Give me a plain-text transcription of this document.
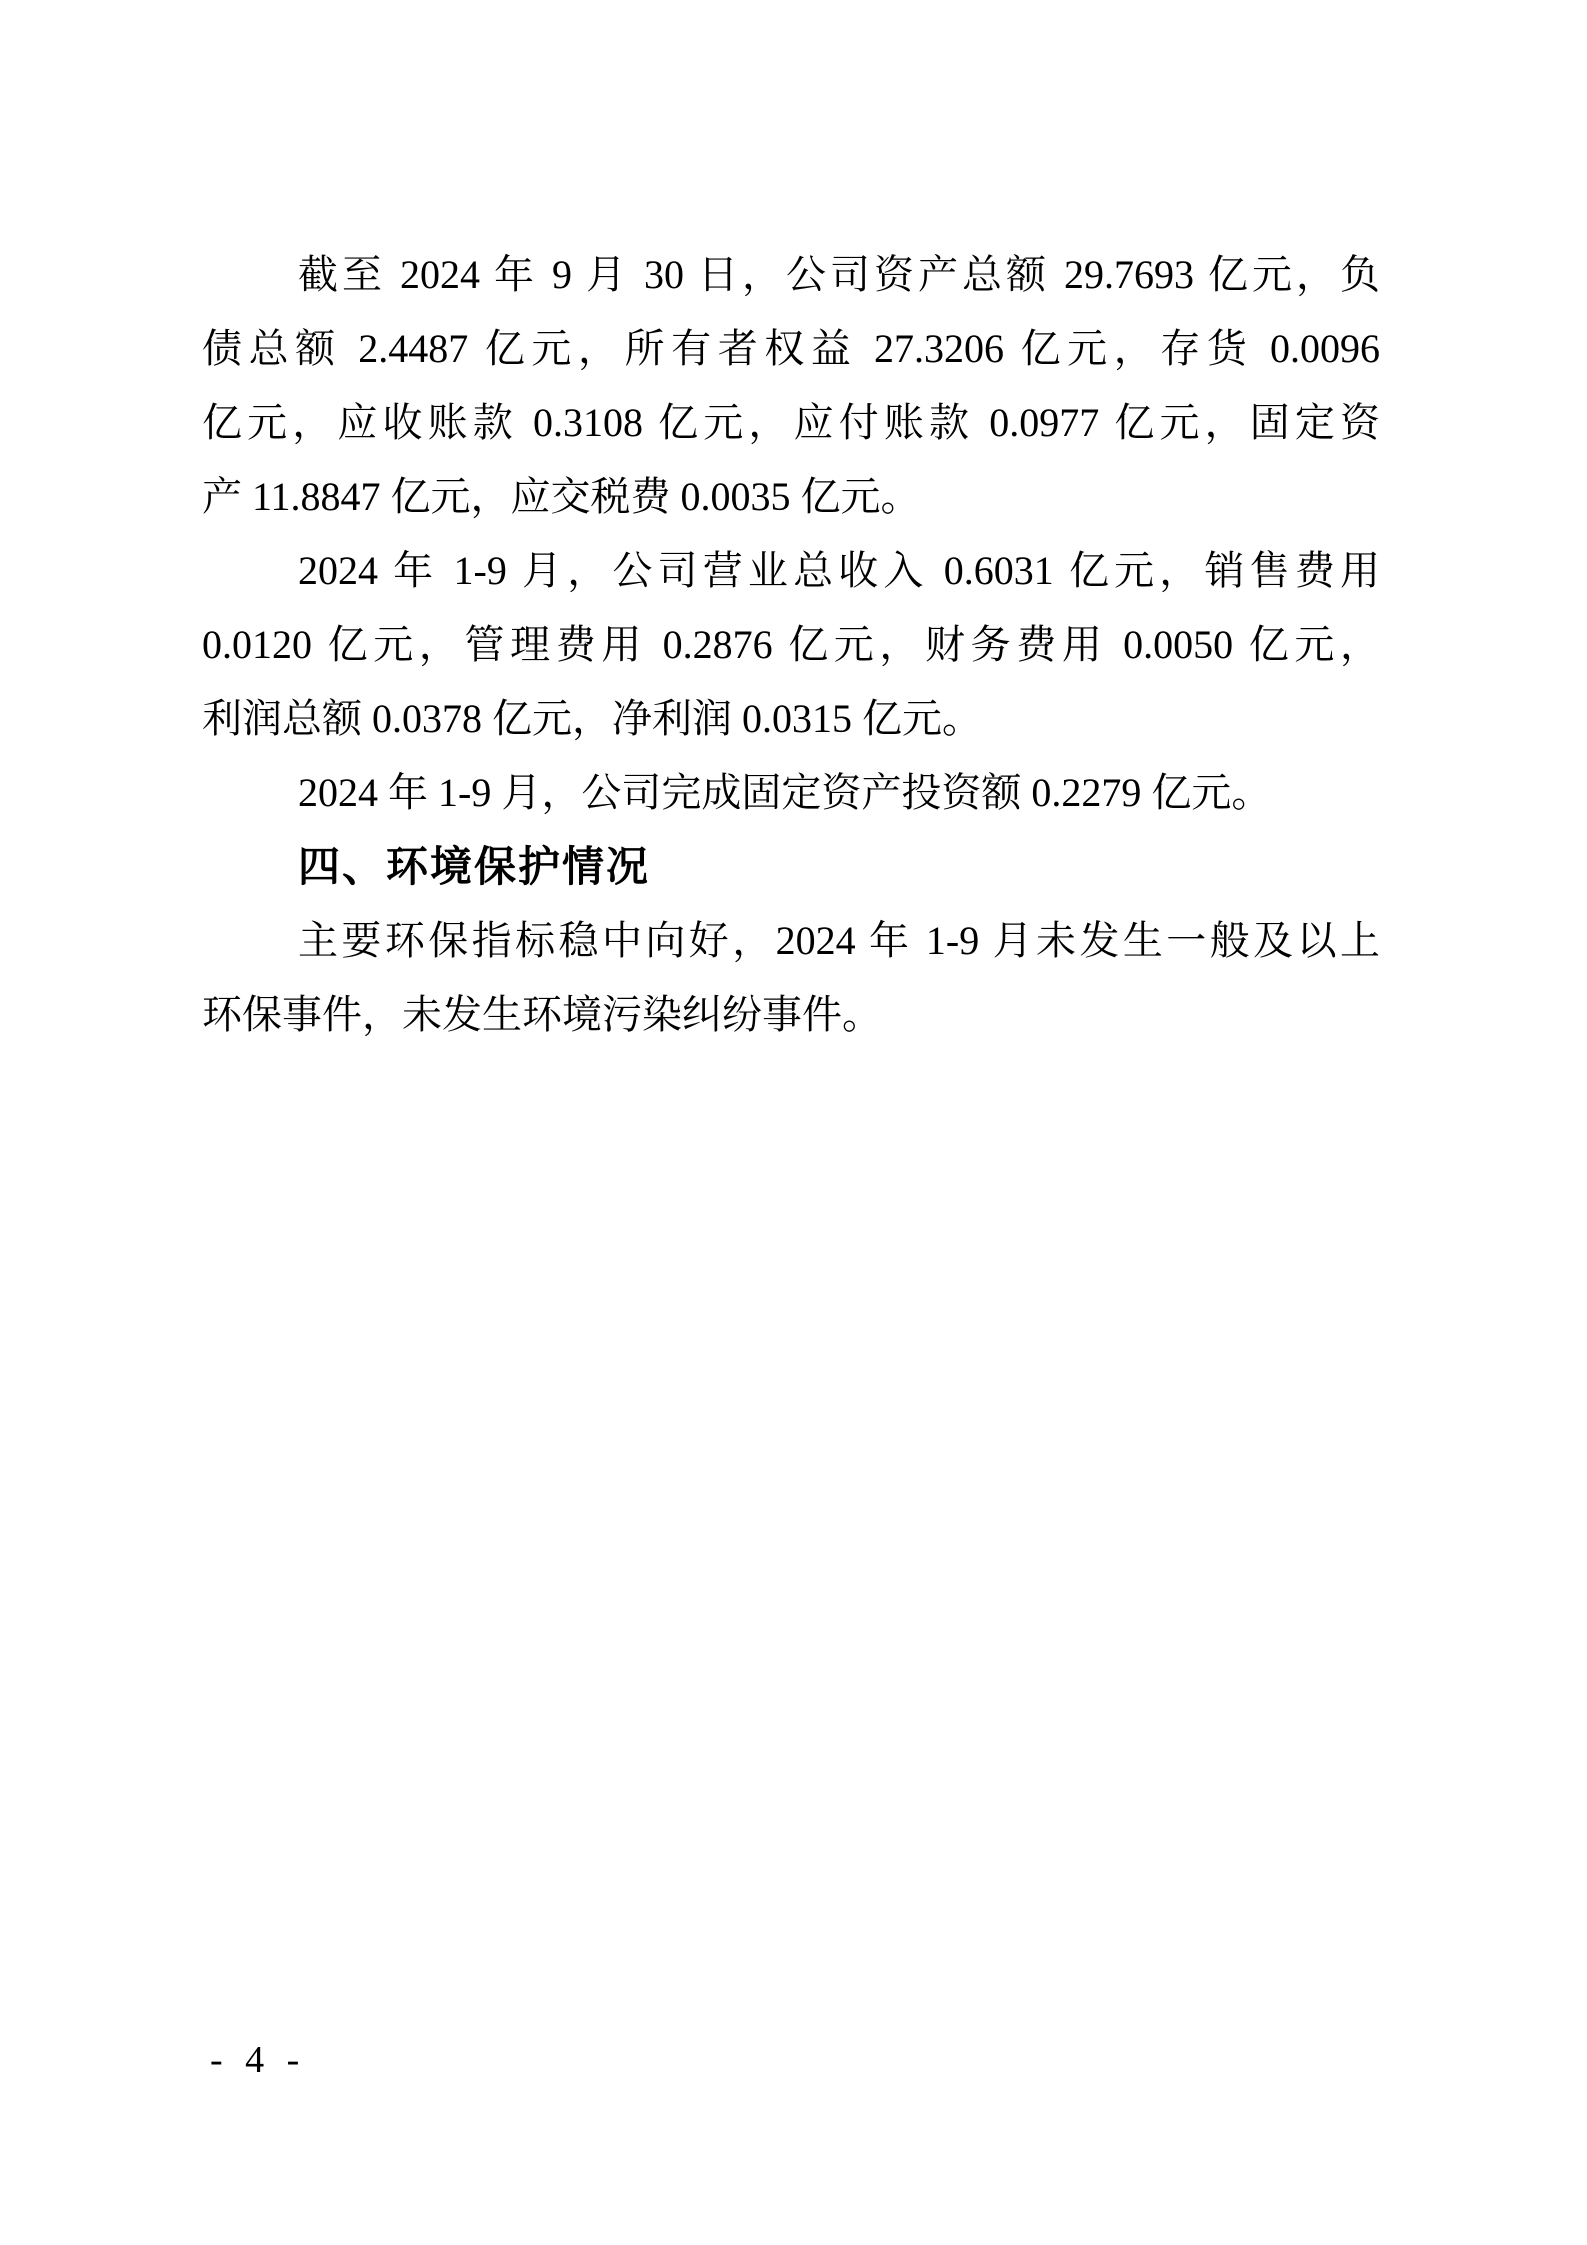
截至 2024 年 9 月 30 日，公司资产总额 29.7693 亿元，负

债总额 2.4487 亿元，所有者权益 27.3206 亿元，存货 0.0096

亿元，应收账款 0.3108 亿元，应付账款 0.0977 亿元，固定资

产 11.8847 亿元，应交税费 0.0035 亿元。

2024 年 1-9 月，公司营业总收入 0.6031 亿元，销售费用

0.0120 亿元，管理费用 0.2876 亿元，财务费用 0.0050 亿元，

利润总额 0.0378 亿元，净利润 0.0315 亿元。

2024 年 1-9 月，公司完成固定资产投资额 0.2279 亿元。

四、环境保护情况

主要环保指标稳中向好，2024 年 1-9 月未发生一般及以上

环保事件，未发生环境污染纠纷事件。

- 4 -
